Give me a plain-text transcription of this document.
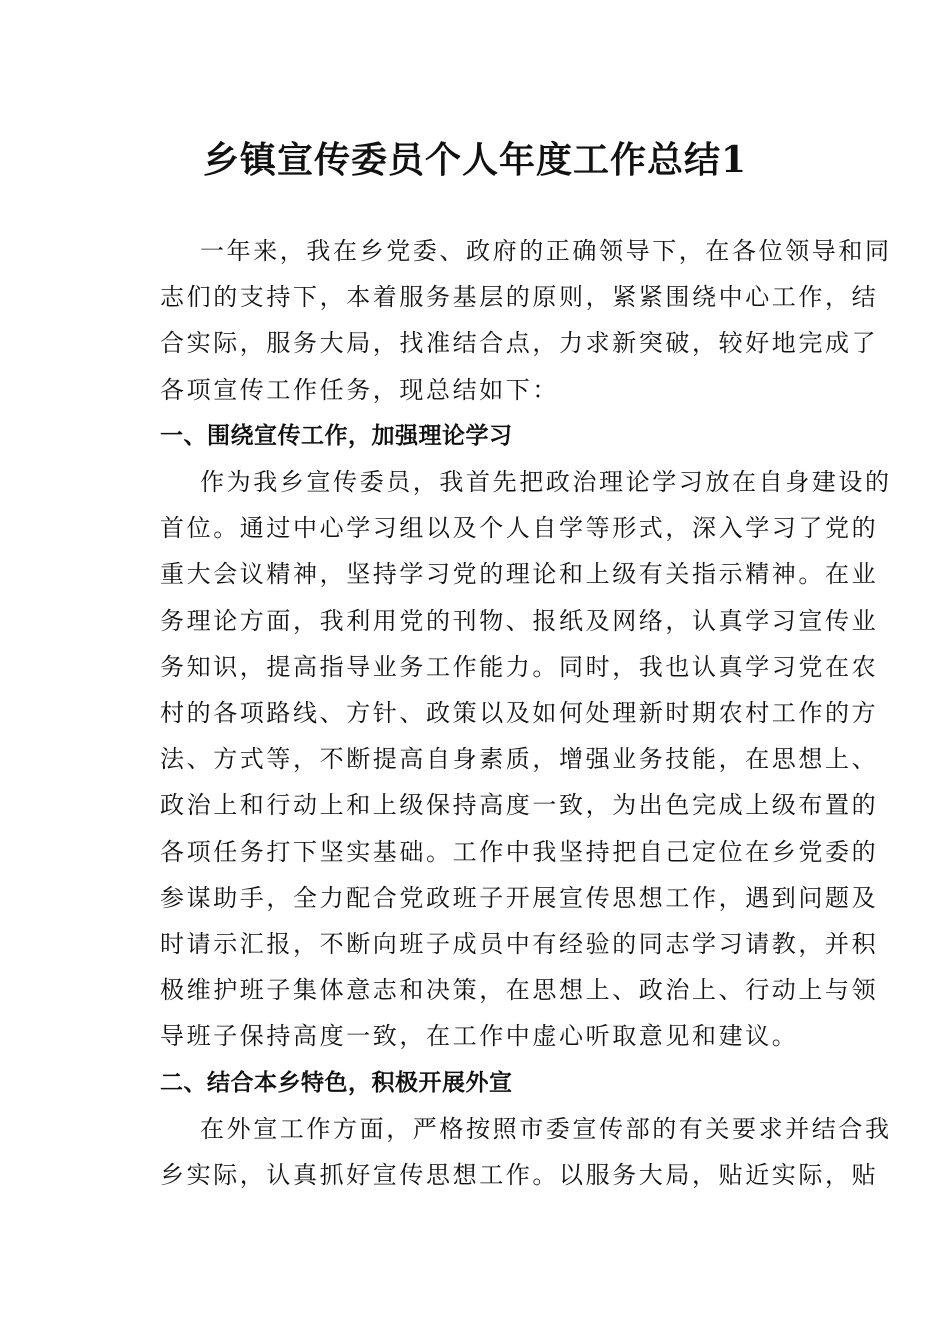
乡镇宣传委员个人年度工作总结1
一年来，我在乡党委、政府的正确领导下，在各位领导和同
志们的支持下，本着服务基层的原则，紧紧围绕中心工作，结
合实际，服务大局，找准结合点，力求新突破，较好地完成了
各项宣传工作任务，现总结如下：
一、围绕宣传工作，加强理论学习
作为我乡宣传委员，我首先把政治理论学习放在自身建设的
首位。通过中心学习组以及个人自学等形式，深入学习了党的
重大会议精神，坚持学习党的理论和上级有关指示精神。在业
务理论方面，我利用党的刊物、报纸及网络，认真学习宣传业
务知识，提高指导业务工作能力。同时，我也认真学习党在农
村的各项路线、方针、政策以及如何处理新时期农村工作的方
法、方式等，不断提高自身素质，增强业务技能，在思想上、
政治上和行动上和上级保持高度一致，为出色完成上级布置的
各项任务打下坚实基础。工作中我坚持把自己定位在乡党委的
参谋助手，全力配合党政班子开展宣传思想工作，遇到问题及
时请示汇报，不断向班子成员中有经验的同志学习请教，并积
极维护班子集体意志和决策，在思想上、政治上、行动上与领
导班子保持高度一致，在工作中虚心听取意见和建议。
二、结合本乡特色，积极开展外宣
在外宣工作方面，严格按照市委宣传部的有关要求并结合我
乡实际，认真抓好宣传思想工作。以服务大局，贴近实际，贴
